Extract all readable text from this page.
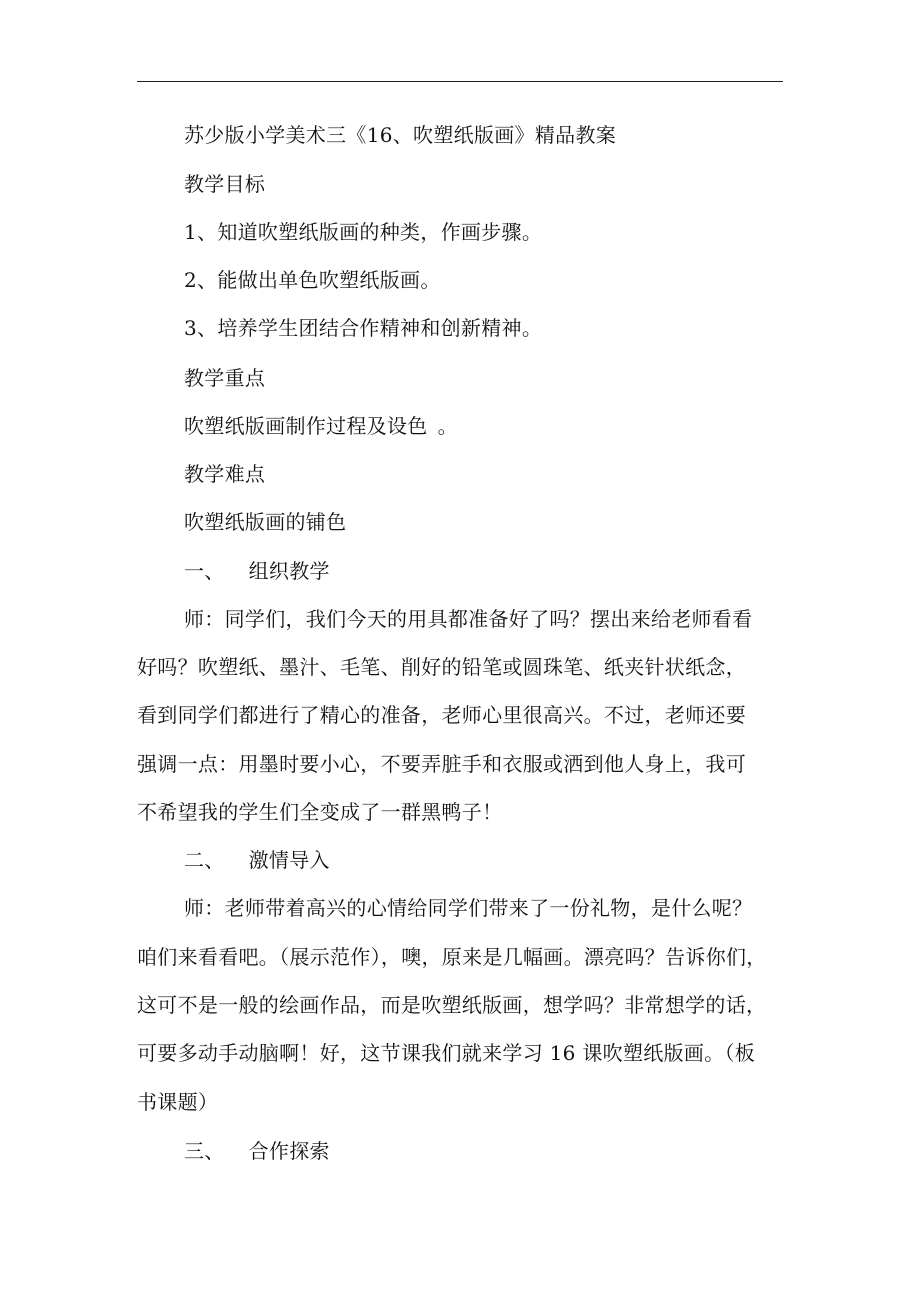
苏少版小学美术三《16、吹塑纸版画》精品教案
教学目标
1、知道吹塑纸版画的种类，作画步骤。
2、能做出单色吹塑纸版画。
3、培养学生团结合作精神和创新精神。
教学重点
吹塑纸版画制作过程及设色 。
教学难点
吹塑纸版画的铺色
一、 组织教学
师：同学们，我们今天的用具都准备好了吗？摆出来给老师看看
好吗？吹塑纸、墨汁、毛笔、削好的铅笔或圆珠笔、纸夹针状纸念，
看到同学们都进行了精心的准备，老师心里很高兴。不过，老师还要
强调一点：用墨时要小心，不要弄脏手和衣服或洒到他人身上，我可
不希望我的学生们全变成了一群黑鸭子！
二、 激情导入
师：老师带着高兴的心情给同学们带来了一份礼物，是什么呢？
咱们来看看吧。（展示范作），噢，原来是几幅画。漂亮吗？告诉你们，
这可不是一般的绘画作品，而是吹塑纸版画，想学吗？非常想学的话，
可要多动手动脑啊！好，这节课我们就来学习 16 课吹塑纸版画。（板
书课题）
三、 合作探索
